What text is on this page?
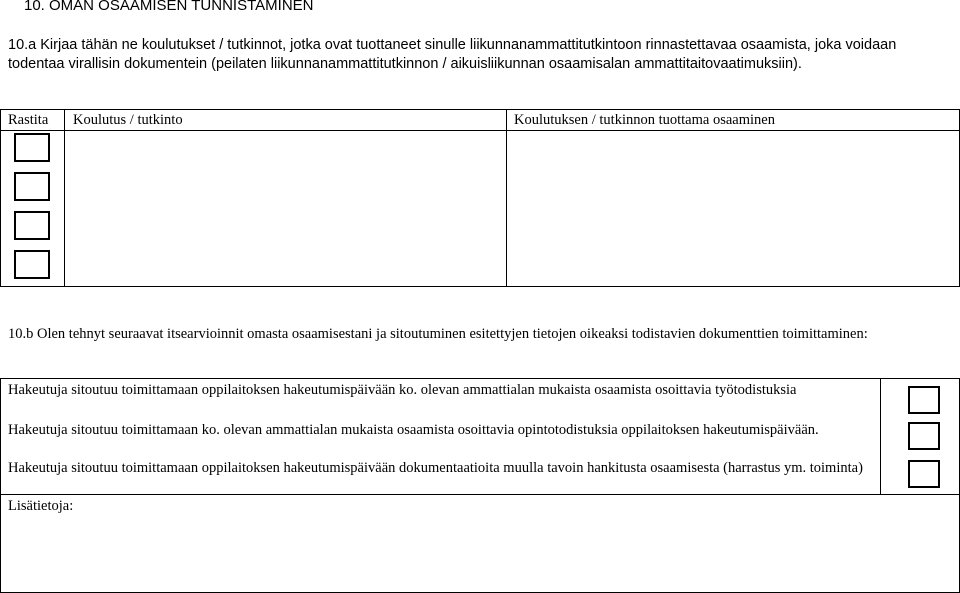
10. OMAN OSAAMISEN TUNNISTAMINEN
10.a Kirjaa tähän ne koulutukset / tutkinnot, jotka ovat tuottaneet sinulle liikunnanammattitutkintoon rinnastettavaa osaamista, joka voidaan todentaa virallisin dokumentein (peilaten liikunnanammattitutkinnon / aikuisliikunnan osaamisalan ammattitaitovaatimuksiin).
Rastita Koulutus / tutkinto	Koulutuksen / tutkinnon tuottama osaaminen
10.b Olen tehnyt seuraavat itsearvioinnit omasta osaamisestani ja sitoutuminen esitettyjen tietojen oikeaksi todistavien dokumenttien toimittaminen:
Hakeutuja sitoutuu toimittamaan oppilaitoksen hakeutumispäivään ko. olevan ammattialan mukaista osaamista osoittavia työtodistuksia
Hakeutuja sitoutuu toimittamaan ko. olevan ammattialan mukaista osaamista osoittavia opintotodistuksia oppilaitoksen hakeutumispäivään.
Hakeutuja sitoutuu toimittamaan oppilaitoksen hakeutumispäivään dokumentaatioita muulla tavoin hankitusta osaamisesta (harrastus ym. toiminta)
Lisätietoja:
